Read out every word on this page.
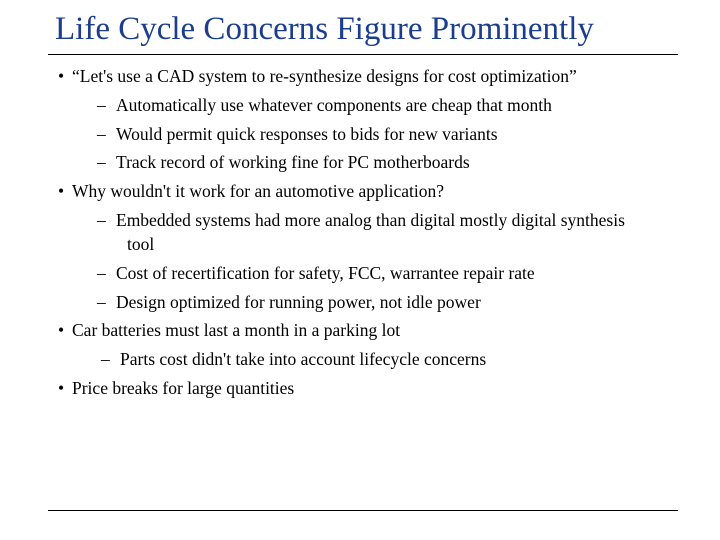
Life Cycle Concerns Figure Prominently
• “Let's use a CAD system to re-synthesize designs for cost optimization”
– Automatically use whatever components are cheap that month
– Would permit quick responses to bids for new variants
– Track record of working fine for PC motherboards
• Why wouldn't it work for an automotive application?
– Embedded systems had more analog than digital mostly digital synthesis
tool
– Cost of recertification for safety, FCC, warrantee repair rate
– Design optimized for running power, not idle power
• Car batteries must last a month in a parking lot
– Parts cost didn't take into account lifecycle concerns
• Price breaks for large quantities
